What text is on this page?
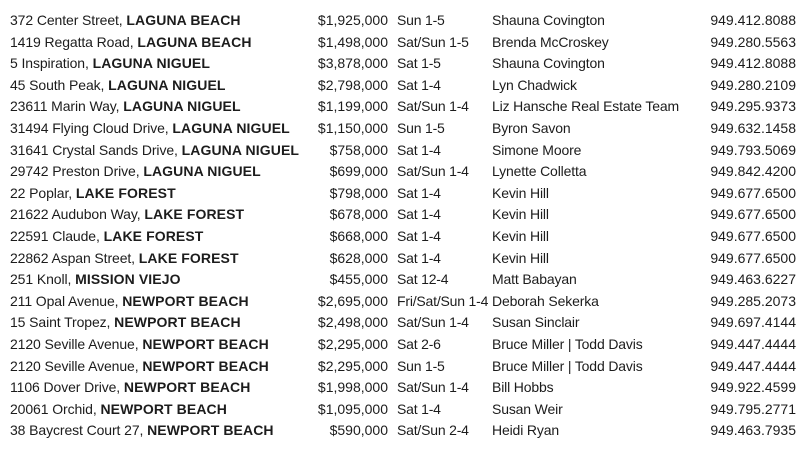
372 Center Street, LAGUNA BEACH	$1,925,000 Sun 1-5	Shauna Covington	949.412.8088
1419 Regatta Road, LAGUNA BEACH	$1,498,000 Sat/Sun 1-5	Brenda McCroskey	949.280.5563
5 Inspiration, LAGUNA NIGUEL	$3,878,000 Sat 1-5	Shauna Covington	949.412.8088
45 South Peak, LAGUNA NIGUEL	$2,798,000 Sat 1-4	Lyn Chadwick	949.280.2109
23611 Marin Way, LAGUNA NIGUEL	$1,199,000 Sat/Sun 1-4	Liz Hansche Real Estate Team	949.295.9373
31494 Flying Cloud Drive, LAGUNA NIGUEL	$1,150,000 Sun 1-5	Byron Savon	949.632.1458
31641 Crystal Sands Drive, LAGUNA NIGUEL	$758,000 Sat 1-4	Simone Moore	949.793.5069
29742 Preston Drive, LAGUNA NIGUEL	$699,000 Sat/Sun 1-4	Lynette Colletta	949.842.4200
22 Poplar, LAKE FOREST	$798,000 Sat 1-4	Kevin Hill	949.677.6500
21622 Audubon Way, LAKE FOREST	$678,000 Sat 1-4	Kevin Hill	949.677.6500
22591 Claude, LAKE FOREST	$668,000 Sat 1-4	Kevin Hill	949.677.6500
22862 Aspan Street, LAKE FOREST	$628,000 Sat 1-4	Kevin Hill	949.677.6500
251 Knoll, MISSION VIEJO	$455,000 Sat 12-4	Matt Babayan	949.463.6227
211 Opal Avenue, NEWPORT BEACH	$2,695,000 Fri/Sat/Sun 1-4 Deborah Sekerka	949.285.2073
15 Saint Tropez, NEWPORT BEACH	$2,498,000 Sat/Sun 1-4	Susan Sinclair	949.697.4144
2120 Seville Avenue, NEWPORT BEACH	$2,295,000 Sat 2-6	Bruce Miller | Todd Davis	949.447.4444
2120 Seville Avenue, NEWPORT BEACH	$2,295,000 Sun 1-5	Bruce Miller | Todd Davis	949.447.4444
1106 Dover Drive, NEWPORT BEACH	$1,998,000 Sat/Sun 1-4	Bill Hobbs	949.922.4599
20061 Orchid, NEWPORT BEACH	$1,095,000 Sat 1-4	Susan Weir	949.795.2771
38 Baycrest Court 27, NEWPORT BEACH	$590,000 Sat/Sun 2-4	Heidi Ryan	949.463.7935
